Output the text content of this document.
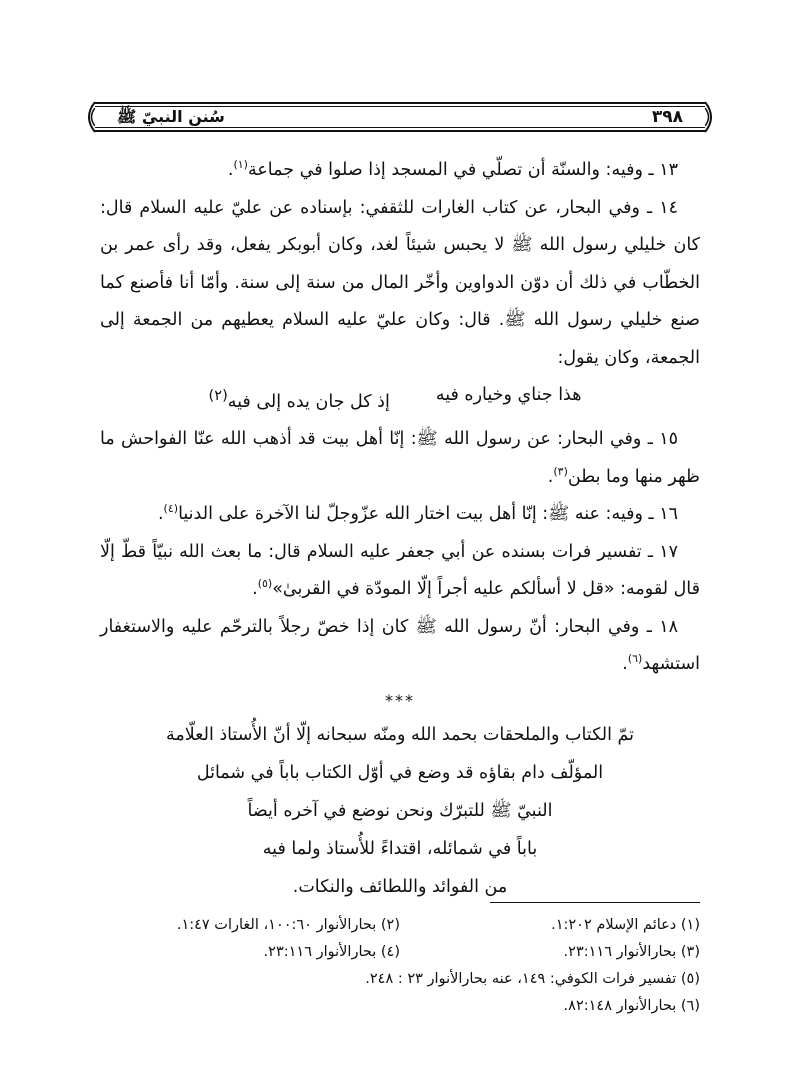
٣٩٨
سُنن النبيّ ﷺ

١٣ ـ وفيه: والسنّة أن تصلّي في المسجد إذا صلوا في جماعة$^{(١)}$.

١٤ ـ وفي البحار، عن كتاب الغارات للثقفي: بإسناده عن عليّ عليه السلام قال: كان خليلي رسول الله ﷺ لا يحبس شيئاً لغد، وكان أبوبكر يفعل، وقد رأى عمر بن الخطّاب في ذلك أن دوّن الدواوين وأخّر المال من سنة إلى سنة. وأمّا أنا فأصنع كما صنع خليلي رسول الله ﷺ. قال: وكان عليّ عليه السلام يعطيهم من الجمعة إلى الجمعة، وكان يقول:

هذا جناي وخياره فيه
إذ كل جان يده إلى فيه$^{(٢)}$

١٥ ـ وفي البحار: عن رسول الله ﷺ: إنّا أهل بيت قد أذهب الله عنّا الفواحش ما ظهر منها وما بطن$^{(٣)}$.

١٦ ـ وفيه: عنه ﷺ: إنّا أهل بيت اختار الله عزّوجلّ لنا الآخرة على الدنيا$^{(٤)}$.

١٧ ـ تفسير فرات بسنده عن أبي جعفر عليه السلام قال: ما بعث الله نبيّاً قطّ إلّا قال لقومه: «قل لا أسألكم عليه أجراً إلّا المودّة في القربىٰ»$^{(٥)}$.

١٨ ـ وفي البحار: أنّ رسول الله ﷺ كان إذا خصّ رجلاً بالترحّم عليه والاستغفار استشهد$^{(٦)}$.

***

تمّ الكتاب والملحقات بحمد الله ومنّه سبحانه إلّا أنّ الأُستاذ العلّامة

المؤلّف دام بقاؤه قد وضع في أوّل الكتاب باباً في شمائل

النبيّ ﷺ للتبرّك ونحن نوضع في آخره أيضاً

باباً في شمائله، اقتداءً للأُستاذ ولما فيه

من الفوائد واللطائف والنكات.

(١) دعائم الإسلام ١:٢٠٢.
(٢) بحارالأنوار ١٠٠:٦٠، الغارات ١:٤٧.
(٣) بحارالأنوار ٢٣:١١٦.
(٤) بحارالأنوار ٢٣:١١٦.
(٥) تفسير فرات الكوفي: ١٤٩، عنه بحارالأنوار ٢٣ : ٢٤٨.
(٦) بحارالأنوار ٨٢:١٤٨.
